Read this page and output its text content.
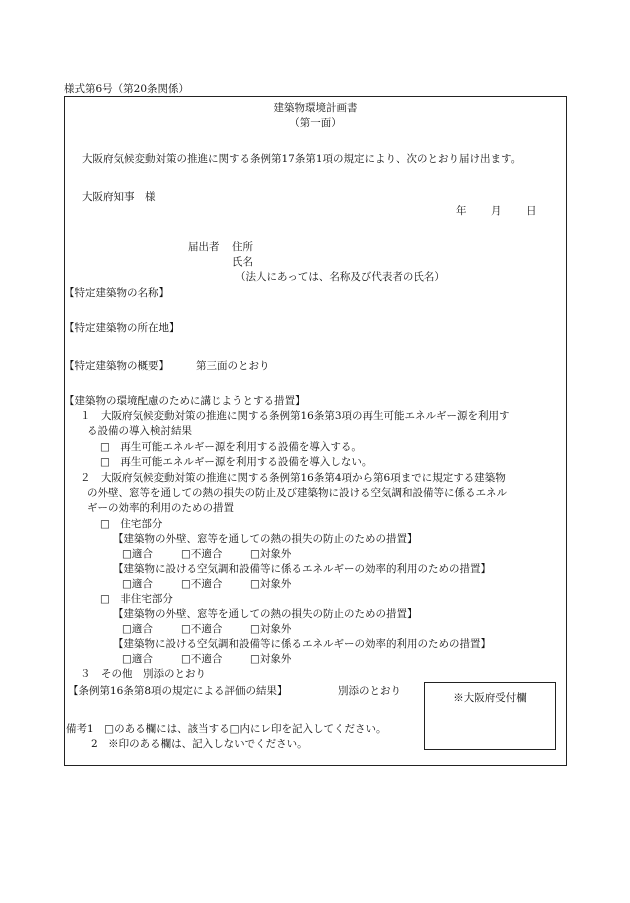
様式第6号（第20条関係）
建築物環境計画書
（第一面）
大阪府気候変動対策の推進に関する条例第17条第1項の規定により、次のとおり届け出ます。
大阪府知事　様
年 月 日
届出者 住所
氏名
（法人にあっては、名称及び代表者の氏名）
【特定建築物の名称】
【特定建築物の所在地】
【特定建築物の概要】	第三面のとおり
【建築物の環境配慮のために講じようとする措置】
１　大阪府気候変動対策の推進に関する条例第16条第3項の再生可能エネルギー源を利用す
る設備の導入検討結果
□　再生可能エネルギー源を利用する設備を導入する。
□　再生可能エネルギー源を利用する設備を導入しない。
２　大阪府気候変動対策の推進に関する条例第16条第4項から第6項までに規定する建築物
の外壁、窓等を通しての熱の損失の防止及び建築物に設ける空気調和設備等に係るエネル
ギーの効率的利用のための措置
□　住宅部分
【建築物の外壁、窓等を通しての熱の損失の防止のための措置】
□適合	□不適合	□対象外
【建築物に設ける空気調和設備等に係るエネルギーの効率的利用のための措置】
□適合	□不適合	□対象外
□　非住宅部分
【建築物の外壁、窓等を通しての熱の損失の防止のための措置】
□適合	□不適合	□対象外
【建築物に設ける空気調和設備等に係るエネルギーの効率的利用のための措置】
□適合	□不適合	□対象外
３　その他　別添のとおり
【条例第16条第8項の規定による評価の結果】	別添のとおり
※大阪府受付欄
備考1　□のある欄には、該当する□内にレ印を記入してください。
2　※印のある欄は、記入しないでください。
